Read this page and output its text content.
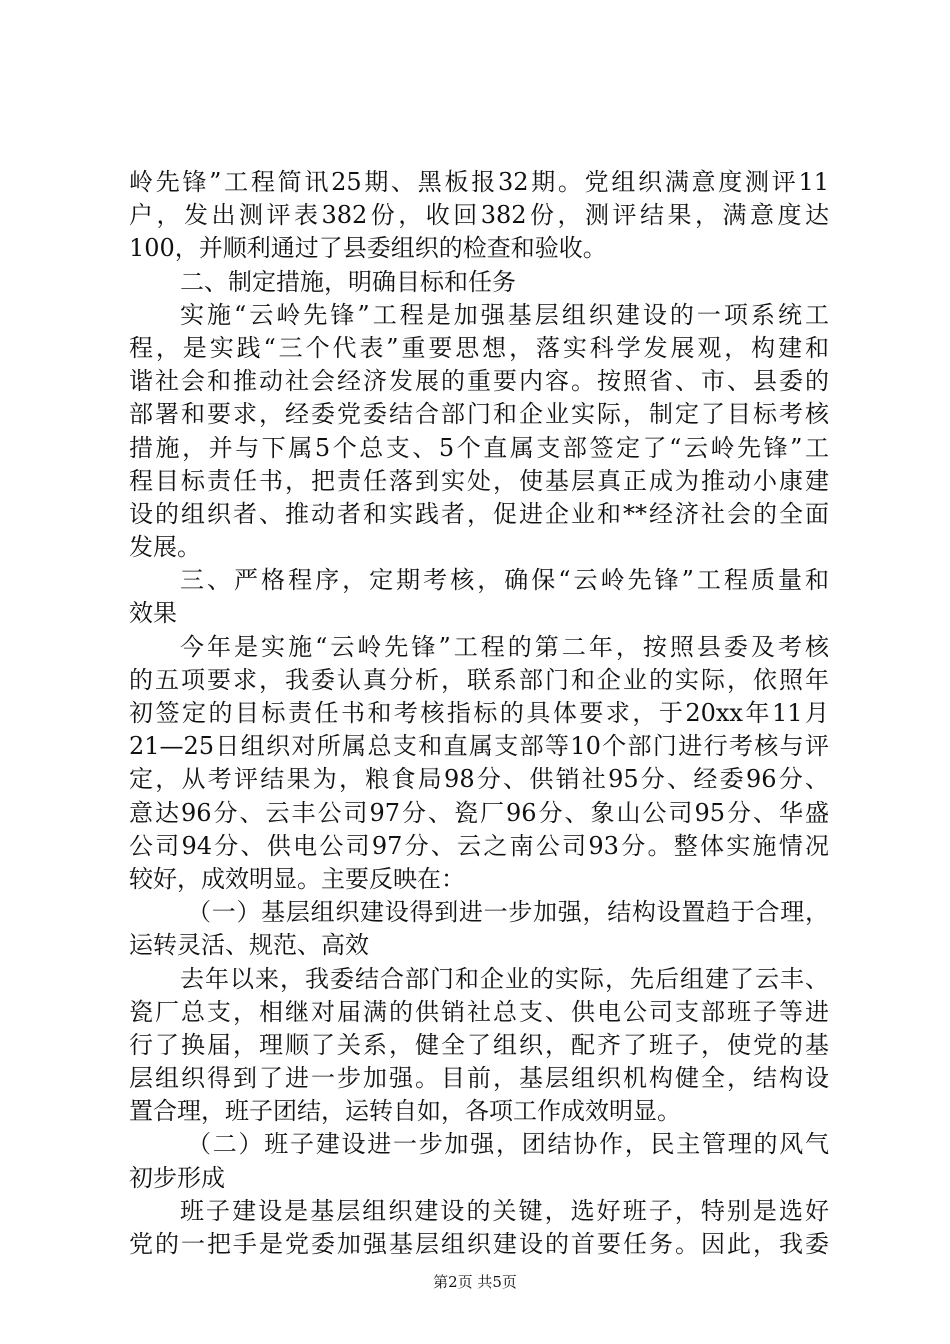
岭先锋”工程简讯25期、黑板报32期。党组织满意度测评11
户，发出测评表382份，收回382份，测评结果，满意度达
100，并顺利通过了县委组织的检查和验收。
二、制定措施，明确目标和任务
实施“云岭先锋”工程是加强基层组织建设的一项系统工
程，是实践“三个代表”重要思想，落实科学发展观，构建和
谐社会和推动社会经济发展的重要内容。按照省、市、县委的
部署和要求，经委党委结合部门和企业实际，制定了目标考核
措施，并与下属5个总支、5个直属支部签定了“云岭先锋”工
程目标责任书，把责任落到实处，使基层真正成为推动小康建
设的组织者、推动者和实践者，促进企业和**经济社会的全面
发展。
三、严格程序，定期考核，确保“云岭先锋”工程质量和
效果
今年是实施“云岭先锋”工程的第二年，按照县委及考核
的五项要求，我委认真分析，联系部门和企业的实际，依照年
初签定的目标责任书和考核指标的具体要求，于20xx年11月
21—25日组织对所属总支和直属支部等10个部门进行考核与评
定，从考评结果为，粮食局98分、供销社95分、经委96分、
意达96分、云丰公司97分、瓷厂96分、象山公司95分、华盛
公司94分、供电公司97分、云之南公司93分。整体实施情况
较好，成效明显。主要反映在：
（一）基层组织建设得到进一步加强，结构设置趋于合理，
运转灵活、规范、高效
去年以来，我委结合部门和企业的实际，先后组建了云丰、
瓷厂总支，相继对届满的供销社总支、供电公司支部班子等进
行了换届，理顺了关系，健全了组织，配齐了班子，使党的基
层组织得到了进一步加强。目前，基层组织机构健全，结构设
置合理，班子团结，运转自如，各项工作成效明显。
（二）班子建设进一步加强，团结协作，民主管理的风气
初步形成
班子建设是基层组织建设的关键，选好班子，特别是选好
党的一把手是党委加强基层组织建设的首要任务。因此，我委
第2页 共5页
